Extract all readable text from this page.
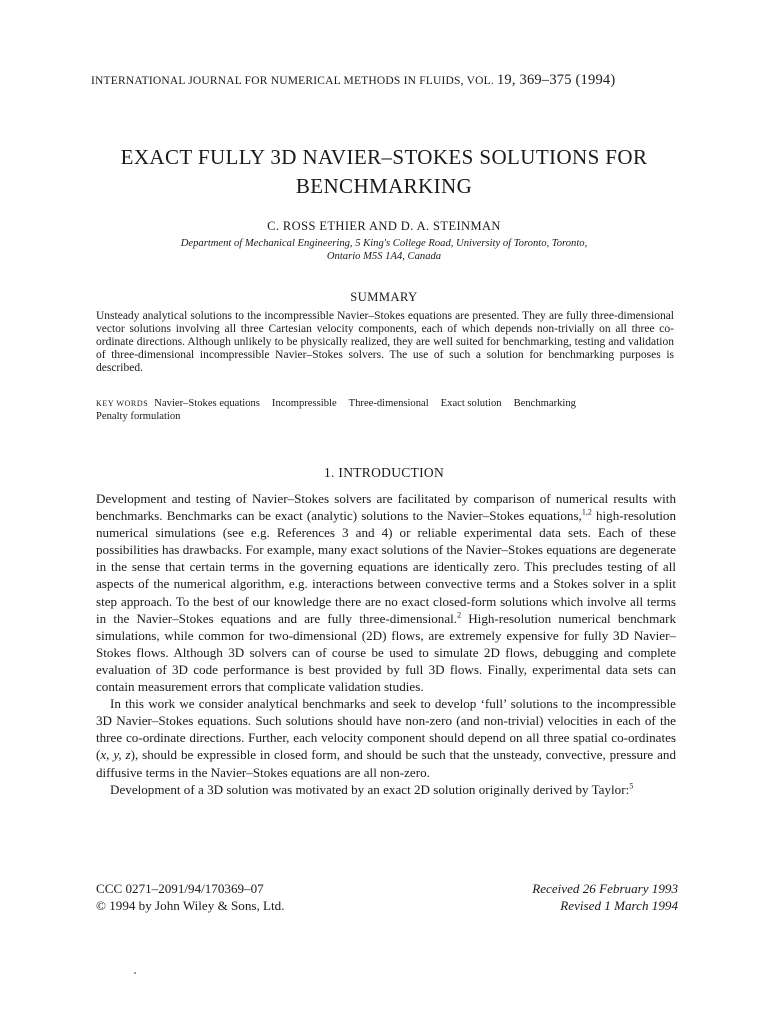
INTERNATIONAL JOURNAL FOR NUMERICAL METHODS IN FLUIDS, VOL. 19, 369–375 (1994)
EXACT FULLY 3D NAVIER–STOKES SOLUTIONS FOR
BENCHMARKING
C. ROSS ETHIER AND D. A. STEINMAN
Department of Mechanical Engineering, 5 King's College Road, University of Toronto, Toronto,
Ontario M5S 1A4, Canada
SUMMARY
Unsteady analytical solutions to the incompressible Navier–Stokes equations are presented. They are fully three-dimensional vector solutions involving all three Cartesian velocity components, each of which depends non-trivially on all three co-ordinate directions. Although unlikely to be physically realized, they are well suited for benchmarking, testing and validation of three-dimensional incompressible Navier–Stokes solvers. The use of such a solution for benchmarking purposes is described.
KEY WORDS Navier–Stokes equations Incompressible Three-dimensional Exact solution Benchmarking
Penalty formulation
1. INTRODUCTION

Development and testing of Navier–Stokes solvers are facilitated by comparison of numerical results with benchmarks. Benchmarks can be exact (analytic) solutions to the Navier–Stokes equations,$^{1,2}$ high-resolution numerical simulations (see e.g. References 3 and 4) or reliable experimental data sets. Each of these possibilities has drawbacks. For example, many exact solutions of the Navier–Stokes equations are degenerate in the sense that certain terms in the governing equations are identically zero. This precludes testing of all aspects of the numerical algorithm, e.g. interactions between convective terms and a Stokes solver in a split step approach. To the best of our knowledge there are no exact closed-form solutions which involve all terms in the Navier–Stokes equations and are fully three-dimensional.$^2$ High-resolution numerical benchmark simulations, while common for two-dimensional (2D) flows, are extremely expensive for fully 3D Navier–Stokes flows. Although 3D solvers can of course be used to simulate 2D flows, debugging and complete evaluation of 3D code performance is best provided by full 3D flows. Finally, experimental data sets can contain measurement errors that complicate validation studies.

In this work we consider analytical benchmarks and seek to develop ‘full’ solutions to the incompressible 3D Navier–Stokes equations. Such solutions should have non-zero (and non-trivial) velocities in each of the three co-ordinate directions. Further, each velocity component should depend on all three spatial co-ordinates (x, y, z), should be expressible in closed form, and should be such that the unsteady, convective, pressure and diffusive terms in the Navier–Stokes equations are all non-zero.

Development of a 3D solution was motivated by an exact 2D solution originally derived by Taylor:$^5$

CCC 0271–2091/94/170369–07
© 1994 by John Wiley & Sons, Ltd.
Received 26 February 1993
Revised 1 March 1994
